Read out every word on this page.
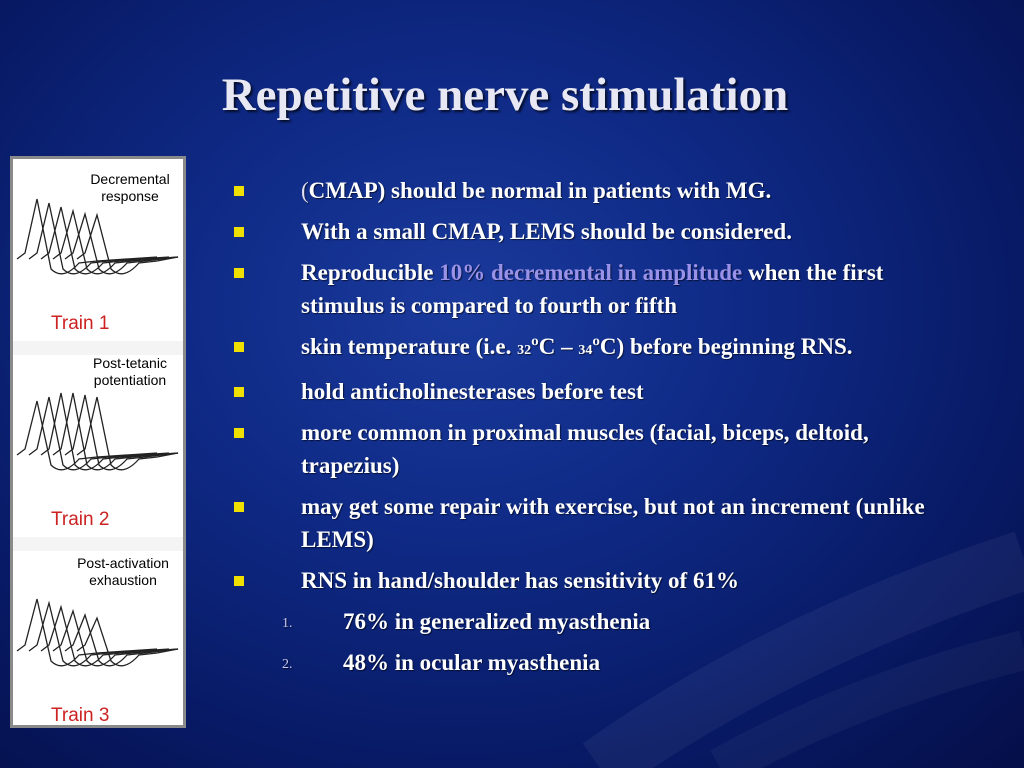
Repetitive nerve stimulation
Decremental
response
Train 1
Post-tetanic
potentiation
Train 2
Post-activation
exhaustion
Train 3
(CMAP) should be normal in patients with MG.
With a small CMAP, LEMS should be considered.
Reproducible 10% decremental in amplitude when the first stimulus is compared to fourth or fifth
skin temperature (i.e. 32ºC – 34ºC) before beginning RNS.
hold anticholinesterases before test
more common in proximal muscles (facial, biceps, deltoid, trapezius)
may get some repair with exercise, but not an increment (unlike LEMS)
RNS in hand/shoulder has sensitivity of 61%
1. 76% in generalized myasthenia
2. 48% in ocular myasthenia
